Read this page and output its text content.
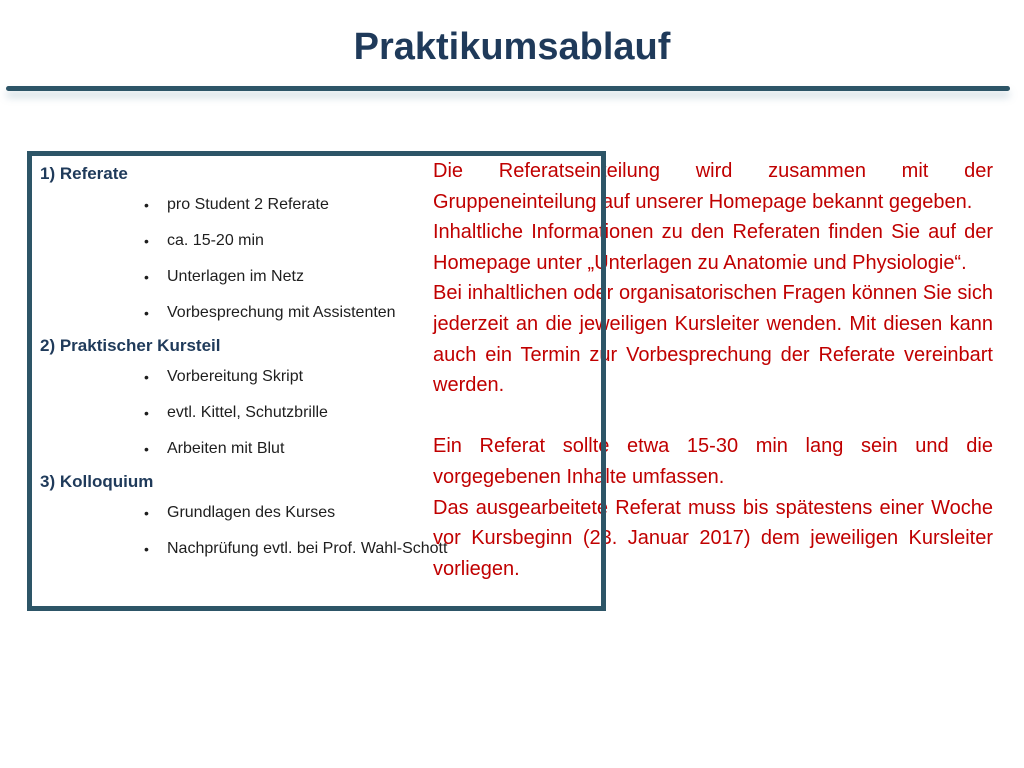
Praktikumsablauf
1) Referate
• pro Student 2 Referate
• ca. 15-20 min
• Unterlagen im Netz
• Vorbesprechung mit Assistenten
2) Praktischer Kursteil
• Vorbereitung Skript
• evtl. Kittel, Schutzbrille
• Arbeiten mit Blut
3) Kolloquium
• Grundlagen des Kurses
• Nachprüfung evtl. bei Prof. Wahl-Schott

Die Referatseinteilung wird zusammen mit der Gruppeneinteilung auf unserer Homepage bekannt gegeben.

Inhaltliche Informationen zu den Referaten finden Sie auf der Homepage unter „Unterlagen zu Anatomie und Physiologie“.

Bei inhaltlichen oder organisatorischen Fragen können Sie sich jederzeit an die jeweiligen Kursleiter wenden. Mit diesen kann auch ein Termin zur Vorbesprechung der Referate vereinbart werden.

Ein Referat sollte etwa 15-30 min lang sein und die vorgegebenen Inhalte umfassen.

Das ausgearbeitete Referat muss bis spätestens einer Woche vor Kursbeginn (23. Januar 2017) dem jeweiligen Kursleiter vorliegen.
